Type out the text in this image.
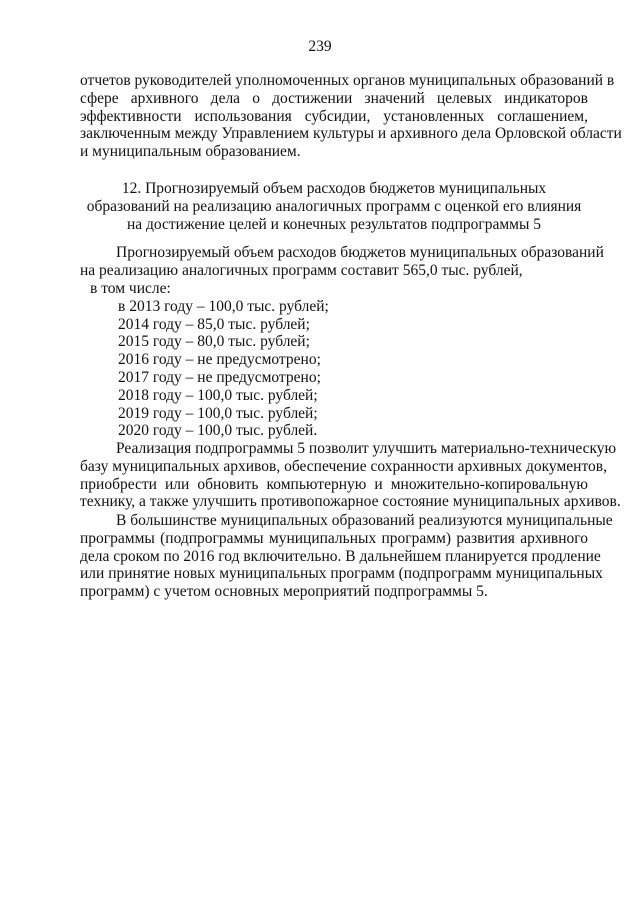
239
отчетов руководителей уполномоченных органов муниципальных образований в
сфере архивного дела о достижении значений целевых индикаторов
эффективности использования субсидии, установленных соглашением,
заключенным между Управлением культуры и архивного дела Орловской области
и муниципальным образованием.
12. Прогнозируемый объем расходов бюджетов муниципальных
образований на реализацию аналогичных программ с оценкой его влияния
на достижение целей и конечных результатов подпрограммы 5
Прогнозируемый объем расходов бюджетов муниципальных образований
на реализацию аналогичных программ составит 565,0 тыс. рублей,
в том числе:
в 2013 году – 100,0 тыс. рублей;
2014 году – 85,0 тыс. рублей;
2015 году – 80,0 тыс. рублей;
2016 году – не предусмотрено;
2017 году – не предусмотрено;
2018 году – 100,0 тыс. рублей;
2019 году – 100,0 тыс. рублей;
2020 году – 100,0 тыс. рублей.
Реализация подпрограммы 5 позволит улучшить материально-техническую
базу муниципальных архивов, обеспечение сохранности архивных документов,
приобрести или обновить компьютерную и множительно-копировальную
технику, а также улучшить противопожарное состояние муниципальных архивов.
В большинстве муниципальных образований реализуются муниципальные
программы (подпрограммы муниципальных программ) развития архивного
дела сроком по 2016 год включительно. В дальнейшем планируется продление
или принятие новых муниципальных программ (подпрограмм муниципальных
программ) с учетом основных мероприятий подпрограммы 5.
